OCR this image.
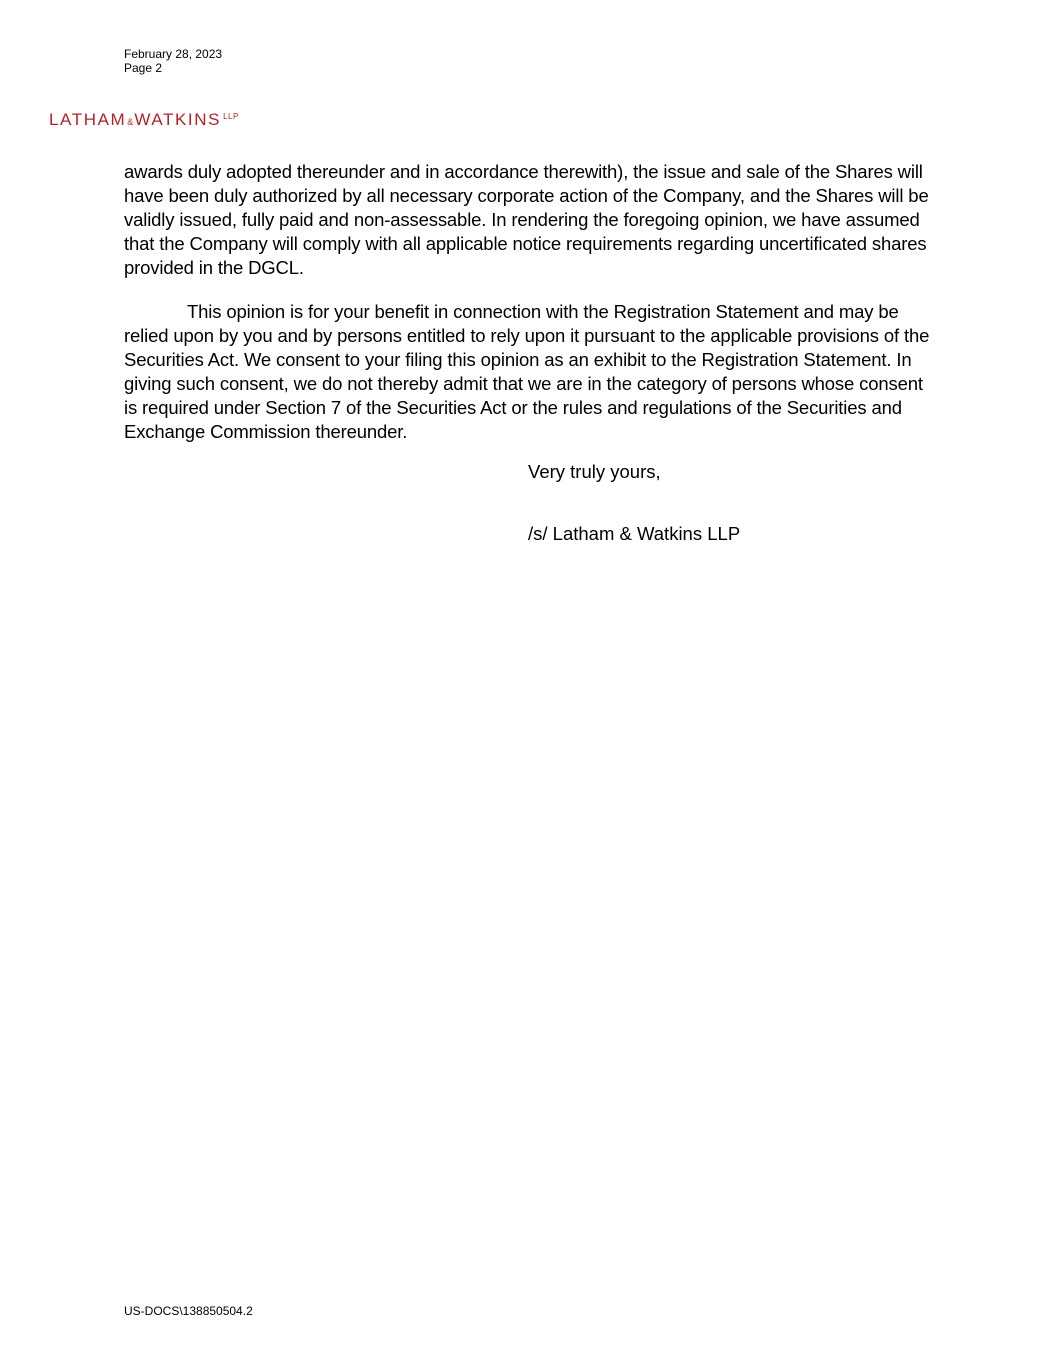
February 28, 2023
Page 2
LATHAM&WATKINS $^{LLP}$

awards duly adopted thereunder and in accordance therewith), the issue and sale of the Shares will have been duly authorized by all necessary corporate action of the Company, and the Shares will be validly issued, fully paid and non-assessable. In rendering the foregoing opinion, we have assumed that the Company will comply with all applicable notice requirements regarding uncertificated shares provided in the DGCL.

This opinion is for your benefit in connection with the Registration Statement and may be relied upon by you and by persons entitled to rely upon it pursuant to the applicable provisions of the Securities Act. We consent to your filing this opinion as an exhibit to the Registration Statement. In giving such consent, we do not thereby admit that we are in the category of persons whose consent is required under Section 7 of the Securities Act or the rules and regulations of the Securities and Exchange Commission thereunder.

Very truly yours,
/s/ Latham & Watkins LLP
US-DOCS\138850504.2
